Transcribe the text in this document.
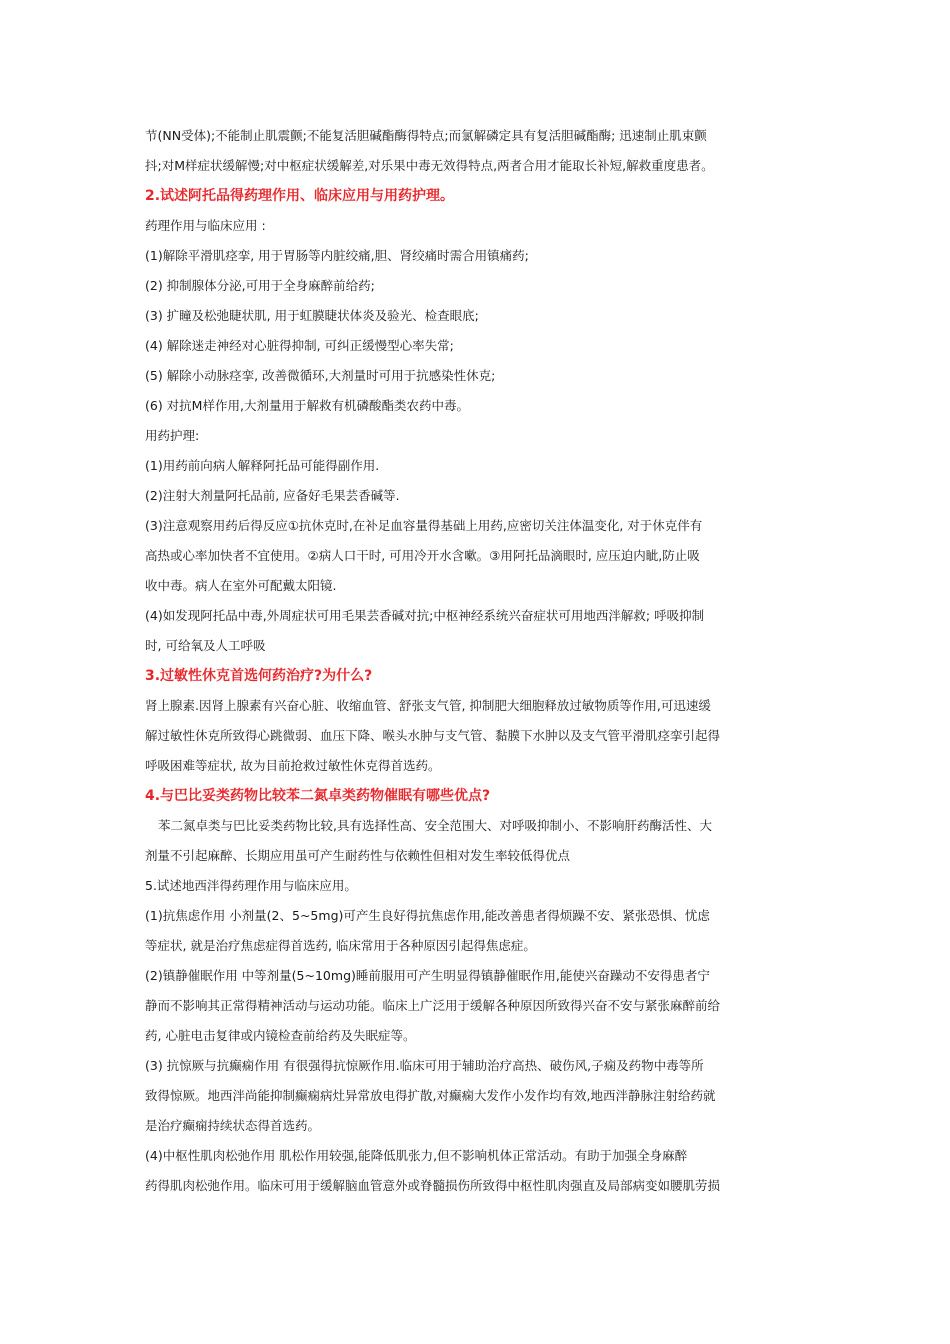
节(NN受体);不能制止肌震颤;不能复活胆碱酯酶得特点;而氯解磷定具有复活胆碱酯酶; 迅速制止肌束颤
抖;对M样症状缓解慢;对中枢症状缓解差,对乐果中毒无效得特点,两者合用才能取长补短,解救重度患者。
2.试述阿托品得药理作用、临床应用与用药护理。
药理作用与临床应用 :
(1)解除平滑肌痉挛, 用于胃肠等内脏绞痛,胆、肾绞痛时需合用镇痛药;
(2) 抑制腺体分泌,可用于全身麻醉前给药;
(3) 扩瞳及松弛睫状肌, 用于虹膜睫状体炎及验光、检查眼底;
(4) 解除迷走神经对心脏得抑制, 可纠正缓慢型心率失常;
(5) 解除小动脉痉挛, 改善微循环,大剂量时可用于抗感染性休克;
(6) 对抗M样作用,大剂量用于解救有机磷酸酯类农药中毒。
用药护理:
(1)用药前向病人解释阿托品可能得副作用.
(2)注射大剂量阿托品前, 应备好毛果芸香碱等.
(3)注意观察用药后得反应①抗休克时,在补足血容量得基础上用药,应密切关注体温变化, 对于休克伴有
高热或心率加快者不宜使用。②病人口干时, 可用冷开水含嗽。③用阿托品滴眼时, 应压迫内眦,防止吸
收中毒。病人在室外可配戴太阳镜.
(4)如发现阿托品中毒,外周症状可用毛果芸香碱对抗;中枢神经系统兴奋症状可用地西泮解救; 呼吸抑制
时, 可给氧及人工呼吸
3.过敏性休克首选何药治疗?为什么?
肾上腺素.因肾上腺素有兴奋心脏、收缩血管、舒张支气管, 抑制肥大细胞释放过敏物质等作用,可迅速缓
解过敏性休克所致得心跳微弱、血压下降、喉头水肿与支气管、黏膜下水肿以及支气管平滑肌痉挛引起得
呼吸困难等症状, 故为目前抢救过敏性休克得首选药。
4.与巴比妥类药物比较苯二氮卓类药物催眠有哪些优点?
苯二氮卓类与巴比妥类药物比较,具有选择性高、安全范围大、对呼吸抑制小、不影响肝药酶活性、大
剂量不引起麻醉、长期应用虽可产生耐药性与依赖性但相对发生率较低得优点
5.试述地西泮得药理作用与临床应用。
(1)抗焦虑作用 小剂量(2、5~5mg)可产生良好得抗焦虑作用,能改善患者得烦躁不安、紧张恐惧、忧虑
等症状, 就是治疗焦虑症得首选药, 临床常用于各种原因引起得焦虑症。
(2)镇静催眠作用 中等剂量(5~10mg)睡前服用可产生明显得镇静催眠作用,能使兴奋躁动不安得患者宁
静而不影响其正常得精神活动与运动功能。临床上广泛用于缓解各种原因所致得兴奋不安与紧张麻醉前给
药, 心脏电击复律或内镜检查前给药及失眠症等。
(3) 抗惊厥与抗癫痫作用 有很强得抗惊厥作用.临床可用于辅助治疗高热、破伤风,子痫及药物中毒等所
致得惊厥。地西泮尚能抑制癫痫病灶异常放电得扩散,对癫痫大发作小发作均有效,地西泮静脉注射给药就
是治疗癫痫持续状态得首选药。
(4)中枢性肌肉松弛作用 肌松作用较强,能降低肌张力,但不影响机体正常活动。有助于加强全身麻醉
药得肌肉松弛作用。临床可用于缓解脑血管意外或脊髓损伤所致得中枢性肌肉强直及局部病变如腰肌劳损
